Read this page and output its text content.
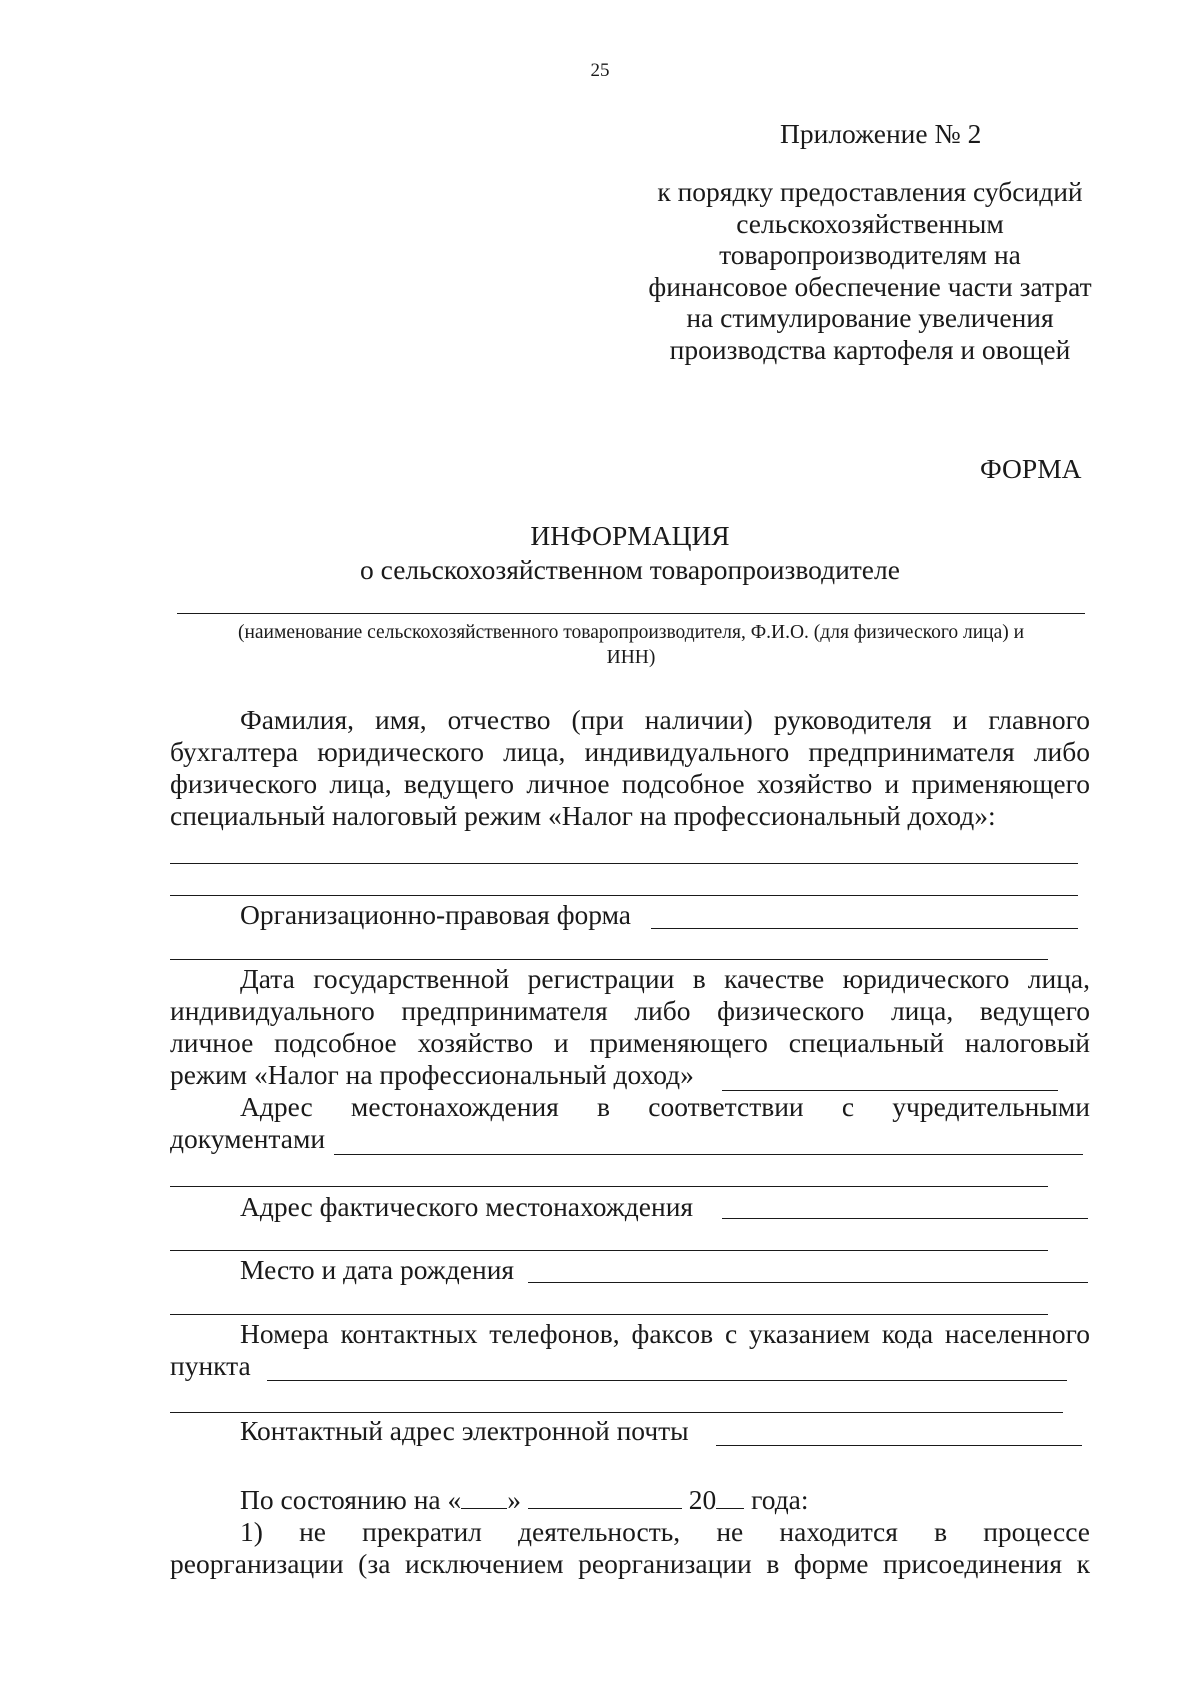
25
Приложение № 2
к порядку предоставления субсидий
сельскохозяйственным
товаропроизводителям на
финансовое обеспечение части затрат
на стимулирование увеличения
производства картофеля и овощей
ФОРМА
ИНФОРМАЦИЯ
о сельскохозяйственном товаропроизводителе
(наименование сельскохозяйственного товаропроизводителя, Ф.И.О. (для физического лица) и
ИНН)
Фамилия, имя, отчество (при наличии) руководителя и главного
бухгалтера юридического лица, индивидуального предпринимателя либо
физического лица, ведущего личное подсобное хозяйство и применяющего
специальный налоговый режим «Налог на профессиональный доход»:
Организационно-правовая форма
Дата государственной регистрации в качестве юридического лица,
индивидуального предпринимателя либо физического лица, ведущего
личное подсобное хозяйство и применяющего специальный налоговый
режим «Налог на профессиональный доход»
Адрес местонахождения в соответствии с учредительными
документами
Адрес фактического местонахождения
Место и дата рождения
Номера контактных телефонов, факсов с указанием кода населенного
пункта
Контактный адрес электронной почты
По состоянию на « »	20 года:
1) не прекратил деятельность, не находится в процессе
реорганизации (за исключением реорганизации в форме присоединения к
